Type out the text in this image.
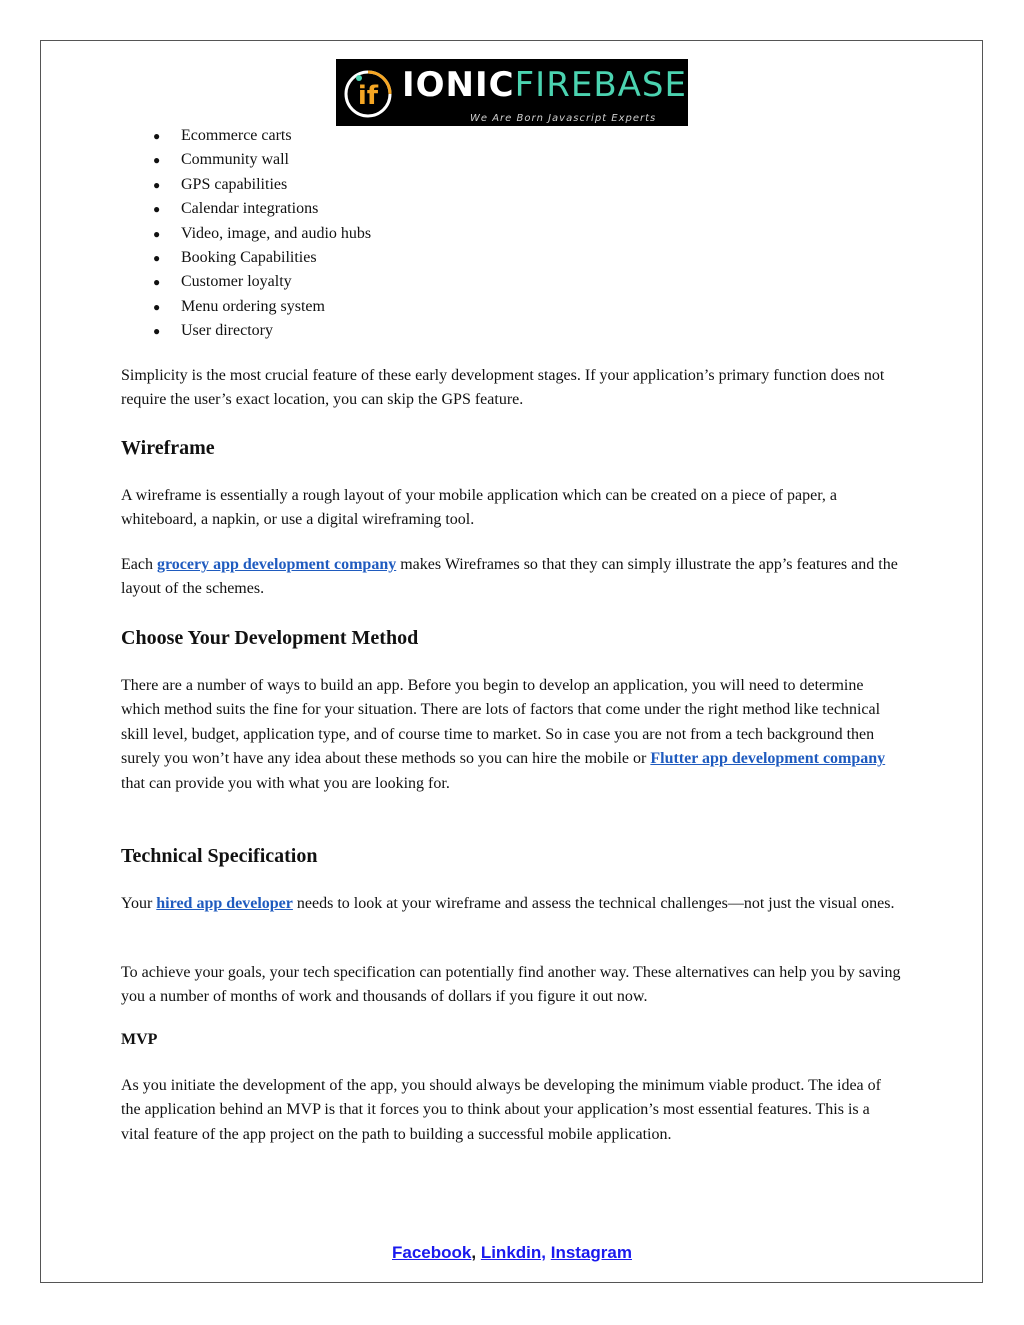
if IONICFIREBASE
We Are Born Javascript Experts
● Ecommerce carts
● Community wall
● GPS capabilities
● Calendar integrations
● Video, image, and audio hubs
● Booking Capabilities
● Customer loyalty
● Menu ordering system
● User directory

Simplicity is the most crucial feature of these early development stages. If your application’s primary function does not require the user’s exact location, you can skip the GPS feature.

Wireframe

A wireframe is essentially a rough layout of your mobile application which can be created on a piece of paper, a whiteboard, a napkin, or use a digital wireframing tool.

Each grocery app development company makes Wireframes so that they can simply illustrate the app’s features and the layout of the schemes.

Choose Your Development Method

There are a number of ways to build an app. Before you begin to develop an application, you will need to determine which method suits the fine for your situation. There are lots of factors that come under the right method like technical skill level, budget, application type, and of course time to market. So in case you are not from a tech background then surely you won’t have any idea about these methods so you can hire the mobile or Flutter app development company that can provide you with what you are looking for.

Technical Specification

Your hired app developer needs to look at your wireframe and assess the technical challenges—not just the visual ones.

To achieve your goals, your tech specification can potentially find another way. These alternatives can help you by saving you a number of months of work and thousands of dollars if you figure it out now.

MVP

As you initiate the development of the app, you should always be developing the minimum viable product. The idea of the application behind an MVP is that it forces you to think about your application’s most essential features. This is a vital feature of the app project on the path to building a successful mobile application.

Facebook, Linkdin, Instagram
